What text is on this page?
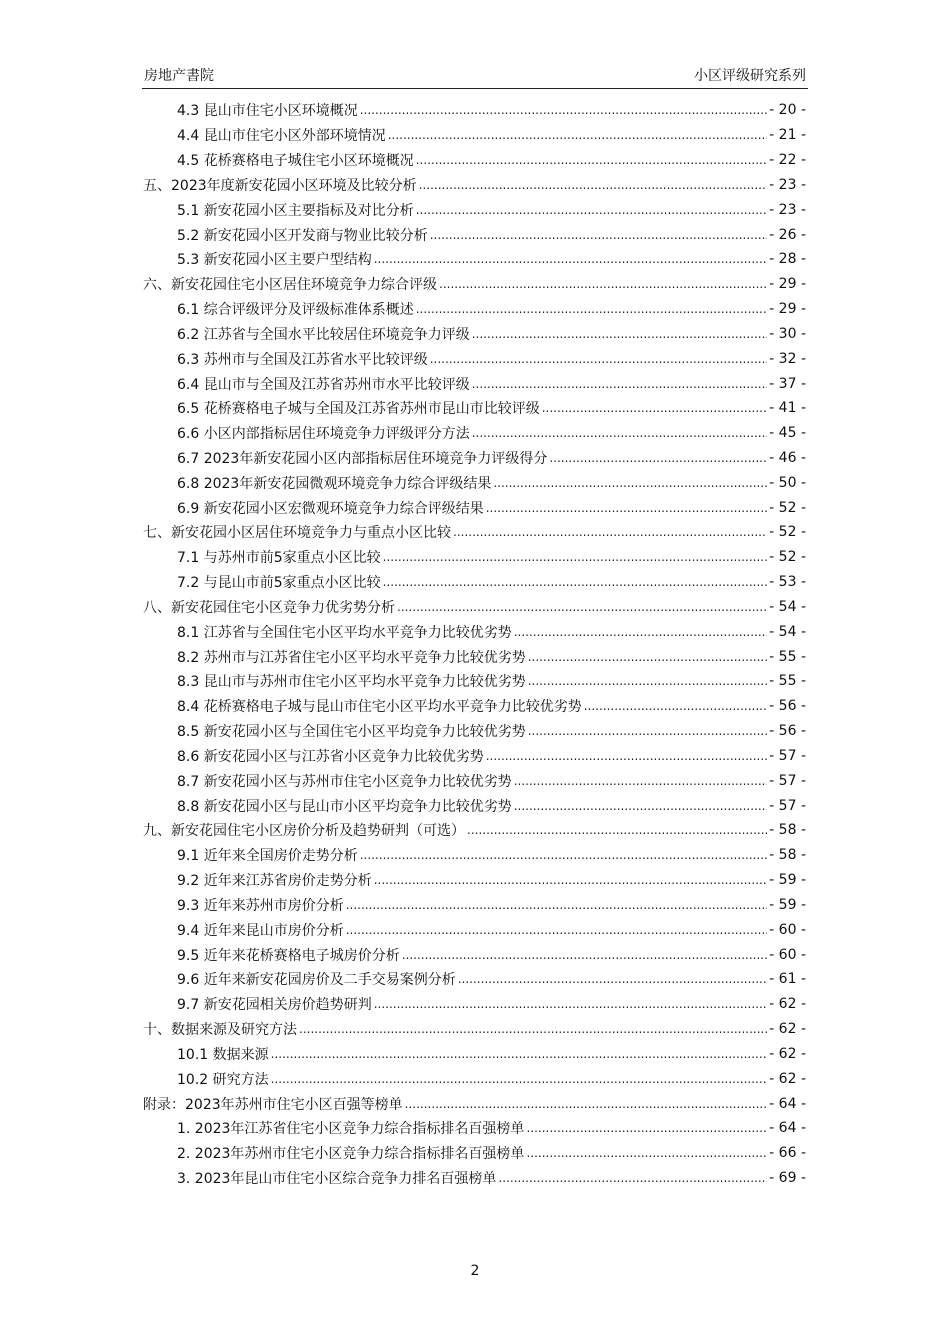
房地产書院	小区评级研究系列
4.3 昆山市住宅小区环境概况 .....	- 20 -
4.4 昆山市住宅小区外部环境情况 .....	- 21 -
4.5 花桥赛格电子城住宅小区环境概况 .....	- 22 -
五、2023年度新安花园小区环境及比较分析 .....	- 23 -
5.1 新安花园小区主要指标及对比分析 .....	- 23 -
5.2 新安花园小区开发商与物业比较分析 .....	- 26 -
5.3 新安花园小区主要户型结构 .....	- 28 -
六、新安花园住宅小区居住环境竞争力综合评级 .....	- 29 -
6.1 综合评级评分及评级标准体系概述 .....	- 29 -
6.2 江苏省与全国水平比较居住环境竞争力评级 .....	- 30 -
6.3 苏州市与全国及江苏省水平比较评级 .....	- 32 -
6.4 昆山市与全国及江苏省苏州市水平比较评级 .....	- 37 -
6.5 花桥赛格电子城与全国及江苏省苏州市昆山市比较评级 .....	- 41 -
6.6 小区内部指标居住环境竞争力评级评分方法 .....	- 45 -
6.7 2023年新安花园小区内部指标居住环境竞争力评级得分 .....	- 46 -
6.8 2023年新安花园微观环境竞争力综合评级结果 .....	- 50 -
6.9 新安花园小区宏微观环境竞争力综合评级结果 .....	- 52 -
七、新安花园小区居住环境竞争力与重点小区比较 .....	- 52 -
7.1 与苏州市前5家重点小区比较 .....	- 52 -
7.2 与昆山市前5家重点小区比较 .....	- 53 -
八、新安花园住宅小区竞争力优劣势分析 .....	- 54 -
8.1 江苏省与全国住宅小区平均水平竞争力比较优劣势 .....	- 54 -
8.2 苏州市与江苏省住宅小区平均水平竞争力比较优劣势 .....	- 55 -
8.3 昆山市与苏州市住宅小区平均水平竞争力比较优劣势 .....	- 55 -
8.4 花桥赛格电子城与昆山市住宅小区平均水平竞争力比较优劣势 .....	- 56 -
8.5 新安花园小区与全国住宅小区平均竞争力比较优劣势 .....	- 56 -
8.6 新安花园小区与江苏省小区竞争力比较优劣势 .....	- 57 -
8.7 新安花园小区与苏州市住宅小区竞争力比较优劣势 .....	- 57 -
8.8 新安花园小区与昆山市小区平均竞争力比较优劣势 .....	- 57 -
九、新安花园住宅小区房价分析及趋势研判（可选） .....	- 58 -
9.1 近年来全国房价走势分析 .....	- 58 -
9.2 近年来江苏省房价走势分析 .....	- 59 -
9.3 近年来苏州市房价分析 .....	- 59 -
9.4 近年来昆山市房价分析 .....	- 60 -
9.5 近年来花桥赛格电子城房价分析 .....	- 60 -
9.6 近年来新安花园房价及二手交易案例分析 .....	- 61 -
9.7 新安花园相关房价趋势研判 .....	- 62 -
十、数据来源及研究方法 .....	- 62 -
10.1 数据来源 .....	- 62 -
10.2 研究方法 .....	- 62 -
附录：2023年苏州市住宅小区百强等榜单 .....	- 64 -
1. 2023年江苏省住宅小区竞争力综合指标排名百强榜单 .....	- 64 -
2. 2023年苏州市住宅小区竞争力综合指标排名百强榜单 .....	- 66 -
3. 2023年昆山市住宅小区综合竞争力排名百强榜单 .....	- 69 -
2
